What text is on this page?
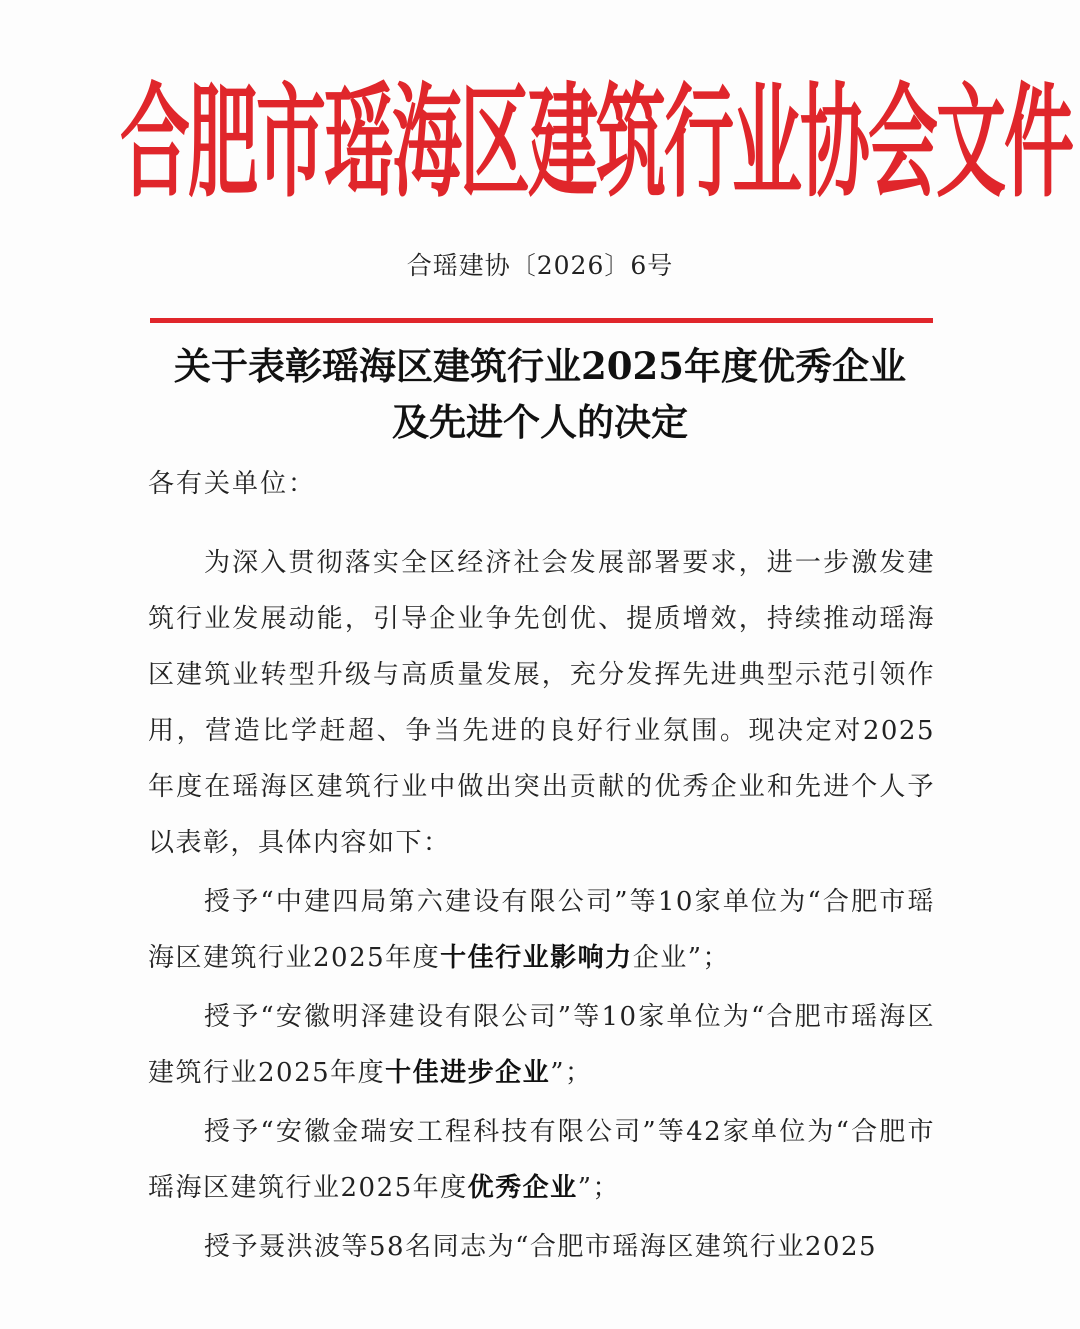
合肥市瑶海区建筑行业协会文件
合瑶建协〔2026〕6号
关于表彰瑶海区建筑行业2025年度优秀企业
及先进个人的决定
各有关单位：

为深入贯彻落实全区经济社会发展部署要求，进一步激发建筑行业发展动能，引导企业争先创优、提质增效，持续推动瑶海区建筑业转型升级与高质量发展，充分发挥先进典型示范引领作用，营造比学赶超、争当先进的良好行业氛围。现决定对2025年度在瑶海区建筑行业中做出突出贡献的优秀企业和先进个人予以表彰，具体内容如下：

授予“中建四局第六建设有限公司”等10家单位为“合肥市瑶海区建筑行业2025年度十佳行业影响力企业”；

授予“安徽明泽建设有限公司”等10家单位为“合肥市瑶海区建筑行业2025年度十佳进步企业”；

授予“安徽金瑞安工程科技有限公司”等42家单位为“合肥市瑶海区建筑行业2025年度优秀企业”；

授予聂洪波等58名同志为“合肥市瑶海区建筑行业2025
